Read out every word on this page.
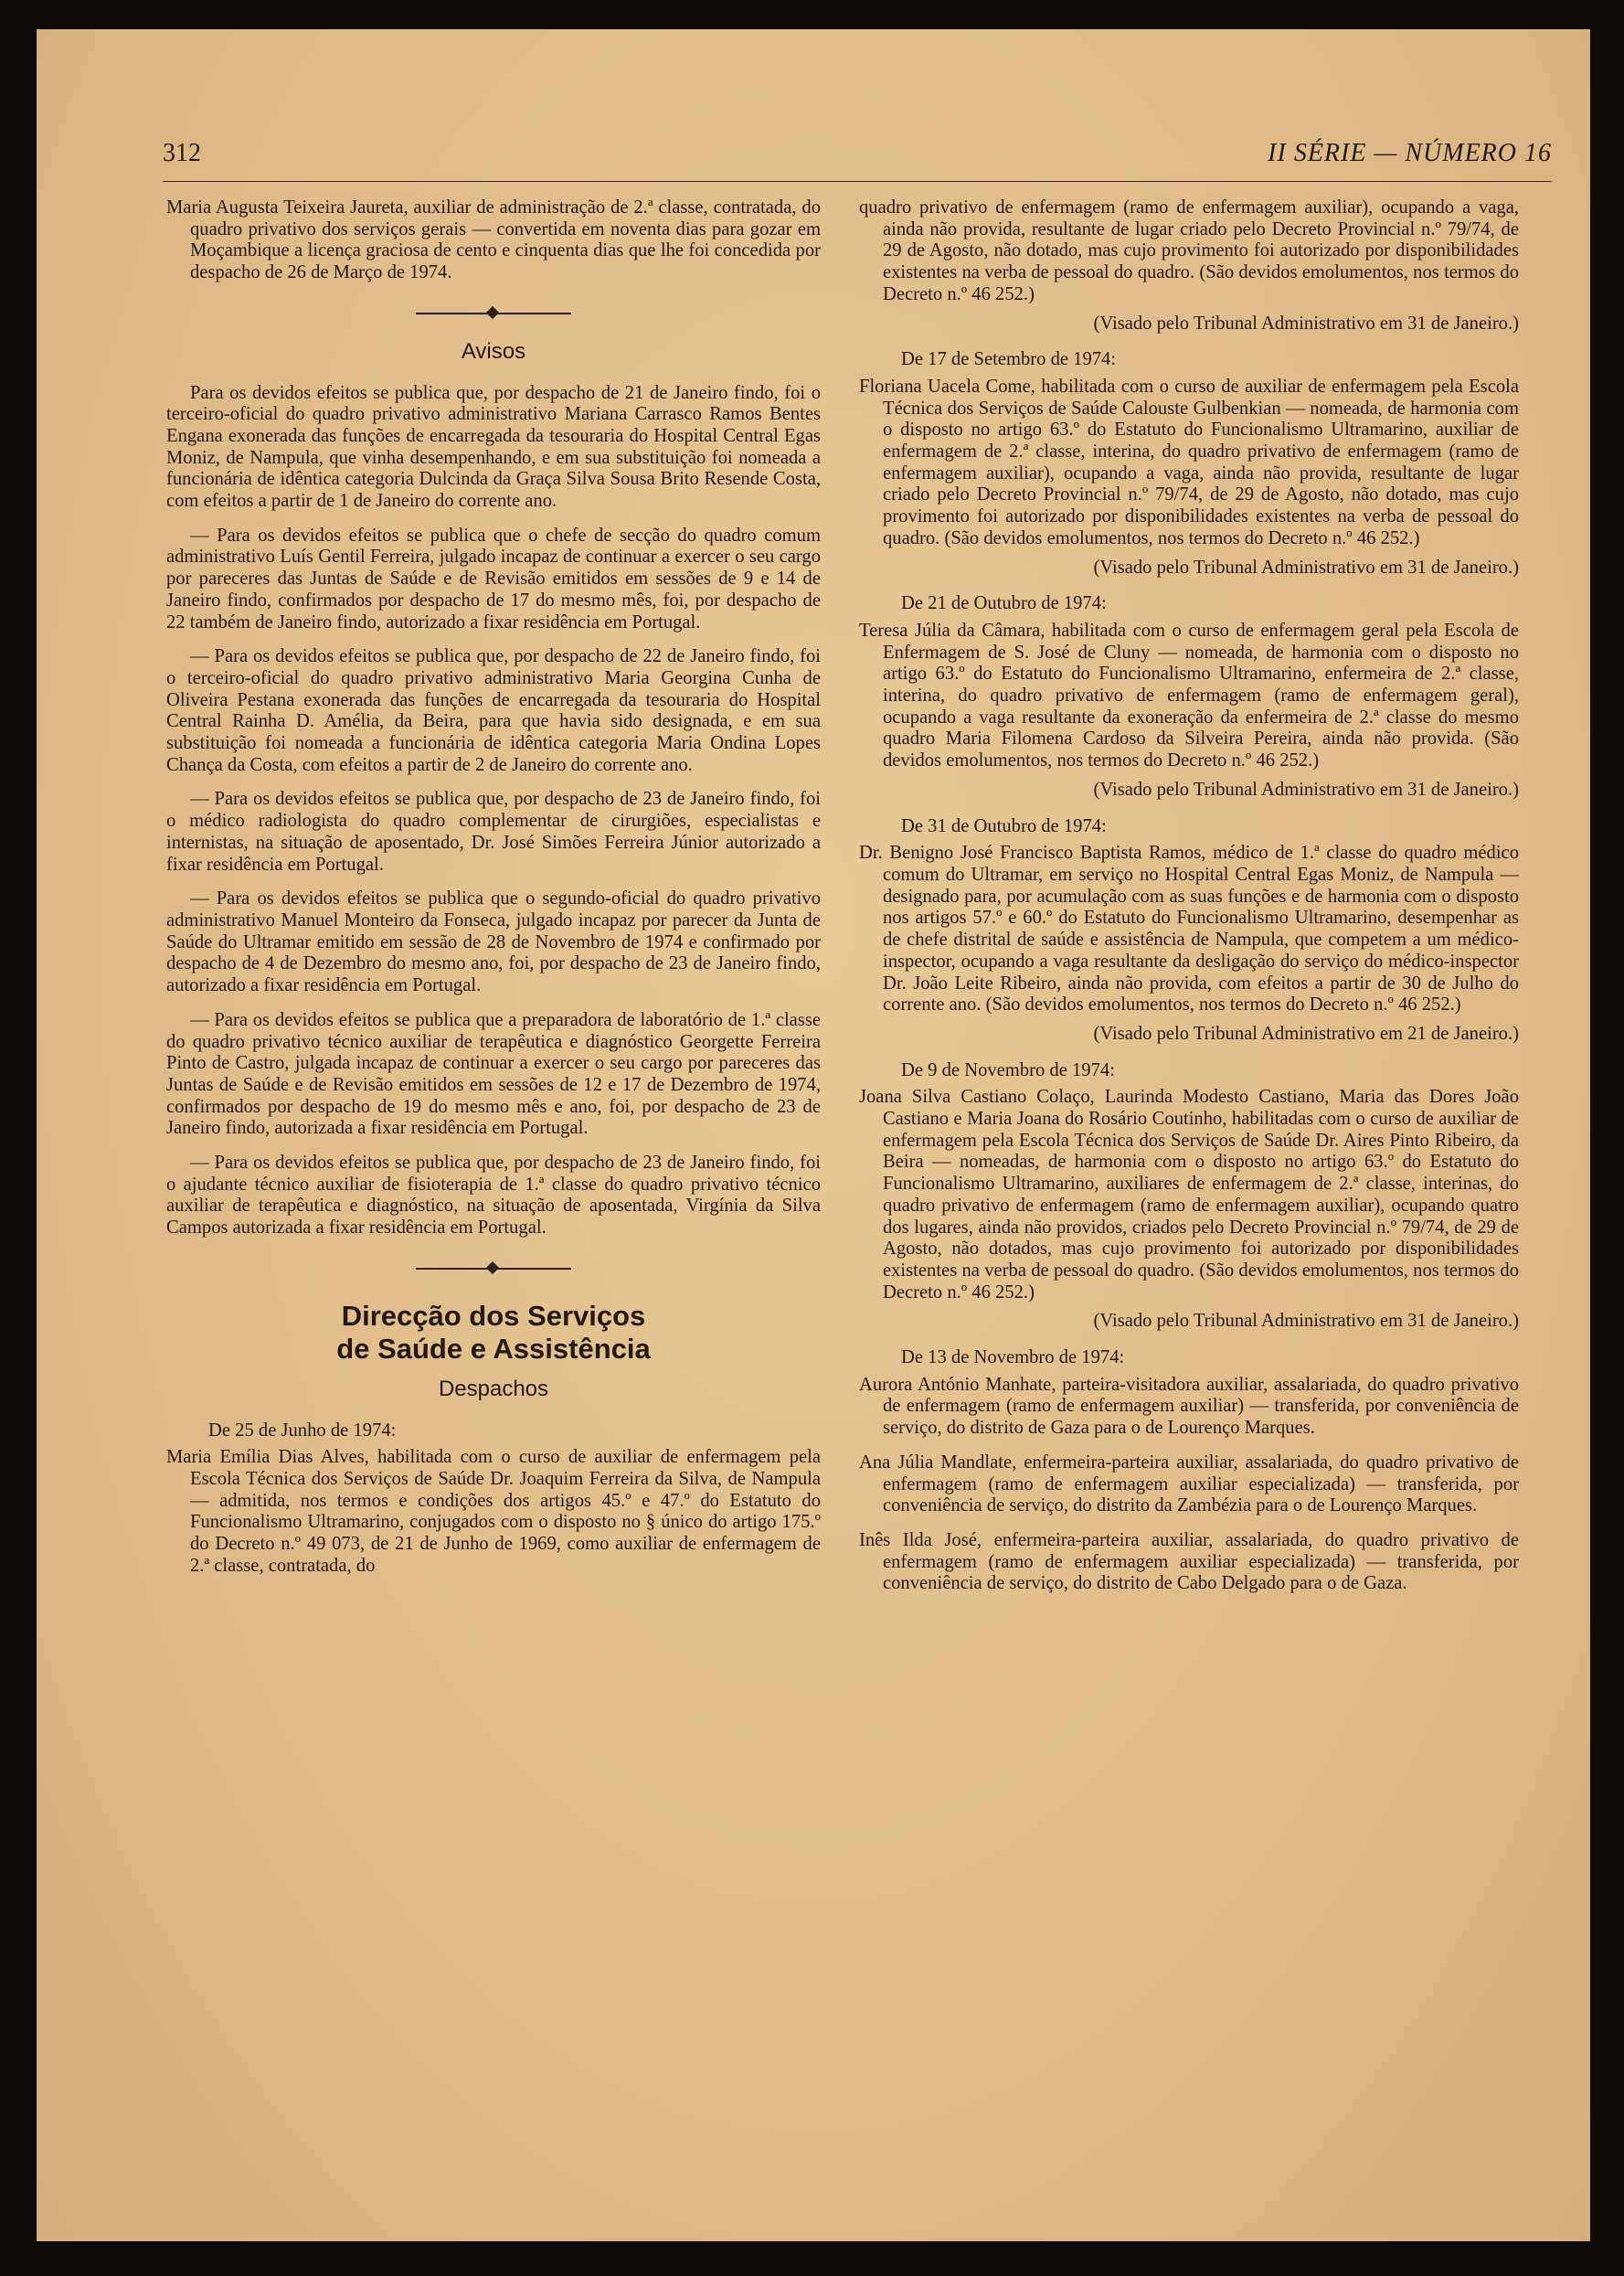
312	II SÉRIE — NÚMERO 16

Maria Augusta Teixeira Jaureta, auxiliar de administração de 2.ª classe, contratada, do quadro privativo dos serviços gerais — convertida em noventa dias para gozar em Moçambique a licença graciosa de cento e cinquenta dias que lhe foi concedida por despacho de 26 de Março de 1974.

Avisos

Para os devidos efeitos se publica que, por despacho de 21 de Janeiro findo, foi o terceiro-oficial do quadro privativo administrativo Mariana Carrasco Ramos Bentes Engana exonerada das funções de encarregada da tesouraria do Hospital Central Egas Moniz, de Nampula, que vinha desempenhando, e em sua substituição foi nomeada a funcionária de idêntica categoria Dulcinda da Graça Silva Sousa Brito Resende Costa, com efeitos a partir de 1 de Janeiro do corrente ano.

— Para os devidos efeitos se publica que o chefe de secção do quadro comum administrativo Luís Gentil Ferreira, julgado incapaz de continuar a exercer o seu cargo por pareceres das Juntas de Saúde e de Revisão emitidos em sessões de 9 e 14 de Janeiro findo, confirmados por despacho de 17 do mesmo mês, foi, por despacho de 22 também de Janeiro findo, autorizado a fixar residência em Portugal.

— Para os devidos efeitos se publica que, por despacho de 22 de Janeiro findo, foi o terceiro-oficial do quadro privativo administrativo Maria Georgina Cunha de Oliveira Pestana exonerada das funções de encarregada da tesouraria do Hospital Central Rainha D. Amélia, da Beira, para que havia sido designada, e em sua substituição foi nomeada a funcionária de idêntica categoria Maria Ondina Lopes Chança da Costa, com efeitos a partir de 2 de Janeiro do corrente ano.

— Para os devidos efeitos se publica que, por despacho de 23 de Janeiro findo, foi o médico radiologista do quadro complementar de cirurgiões, especialistas e internistas, na situação de aposentado, Dr. José Simões Ferreira Júnior autorizado a fixar residência em Portugal.

— Para os devidos efeitos se publica que o segundo-oficial do quadro privativo administrativo Manuel Monteiro da Fonseca, julgado incapaz por parecer da Junta de Saúde do Ultramar emitido em sessão de 28 de Novembro de 1974 e confirmado por despacho de 4 de Dezembro do mesmo ano, foi, por despacho de 23 de Janeiro findo, autorizado a fixar residência em Portugal.

— Para os devidos efeitos se publica que a preparadora de laboratório de 1.ª classe do quadro privativo técnico auxiliar de terapêutica e diagnóstico Georgette Ferreira Pinto de Castro, julgada incapaz de continuar a exercer o seu cargo por pareceres das Juntas de Saúde e de Revisão emitidos em sessões de 12 e 17 de Dezembro de 1974, confirmados por despacho de 19 do mesmo mês e ano, foi, por despacho de 23 de Janeiro findo, autorizada a fixar residência em Portugal.

— Para os devidos efeitos se publica que, por despacho de 23 de Janeiro findo, foi o ajudante técnico auxiliar de fisioterapia de 1.ª classe do quadro privativo técnico auxiliar de terapêutica e diagnóstico, na situação de aposentada, Virgínia da Silva Campos autorizada a fixar residência em Portugal.

Direcção dos Serviços
de Saúde e Assistência
Despachos

De 25 de Junho de 1974:

Maria Emília Dias Alves, habilitada com o curso de auxiliar de enfermagem pela Escola Técnica dos Serviços de Saúde Dr. Joaquim Ferreira da Silva, de Nampula — admitida, nos termos e condições dos artigos 45.º e 47.º do Estatuto do Funcionalismo Ultramarino, conjugados com o disposto no § único do artigo 175.º do Decreto n.º 49 073, de 21 de Junho de 1969, como auxiliar de enfermagem de 2.ª classe, contratada, do

quadro privativo de enfermagem (ramo de enfermagem auxiliar), ocupando a vaga, ainda não provida, resultante de lugar criado pelo Decreto Provincial n.º 79/74, de 29 de Agosto, não dotado, mas cujo provimento foi autorizado por disponibilidades existentes na verba de pessoal do quadro. (São devidos emolumentos, nos termos do Decreto n.º 46 252.)

(Visado pelo Tribunal Administrativo em 31 de Janeiro.)

De 17 de Setembro de 1974:

Floriana Uacela Come, habilitada com o curso de auxiliar de enfermagem pela Escola Técnica dos Serviços de Saúde Calouste Gulbenkian — nomeada, de harmonia com o disposto no artigo 63.º do Estatuto do Funcionalismo Ultramarino, auxiliar de enfermagem de 2.ª classe, interina, do quadro privativo de enfermagem (ramo de enfermagem auxiliar), ocupando a vaga, ainda não provida, resultante de lugar criado pelo Decreto Provincial n.º 79/74, de 29 de Agosto, não dotado, mas cujo provimento foi autorizado por disponibilidades existentes na verba de pessoal do quadro. (São devidos emolumentos, nos termos do Decreto n.º 46 252.)

(Visado pelo Tribunal Administrativo em 31 de Janeiro.)

De 21 de Outubro de 1974:

Teresa Júlia da Câmara, habilitada com o curso de enfermagem geral pela Escola de Enfermagem de S. José de Cluny — nomeada, de harmonia com o disposto no artigo 63.º do Estatuto do Funcionalismo Ultramarino, enfermeira de 2.ª classe, interina, do quadro privativo de enfermagem (ramo de enfermagem geral), ocupando a vaga resultante da exoneração da enfermeira de 2.ª classe do mesmo quadro Maria Filomena Cardoso da Silveira Pereira, ainda não provida. (São devidos emolumentos, nos termos do Decreto n.º 46 252.)

(Visado pelo Tribunal Administrativo em 31 de Janeiro.)

De 31 de Outubro de 1974:

Dr. Benigno José Francisco Baptista Ramos, médico de 1.ª classe do quadro médico comum do Ultramar, em serviço no Hospital Central Egas Moniz, de Nampula — designado para, por acumulação com as suas funções e de harmonia com o disposto nos artigos 57.º e 60.º do Estatuto do Funcionalismo Ultramarino, desempenhar as de chefe distrital de saúde e assistência de Nampula, que competem a um médico-inspector, ocupando a vaga resultante da desligação do serviço do médico-inspector Dr. João Leite Ribeiro, ainda não provida, com efeitos a partir de 30 de Julho do corrente ano. (São devidos emolumentos, nos termos do Decreto n.º 46 252.)

(Visado pelo Tribunal Administrativo em 21 de Janeiro.)

De 9 de Novembro de 1974:

Joana Silva Castiano Colaço, Laurinda Modesto Castiano, Maria das Dores João Castiano e Maria Joana do Rosário Coutinho, habilitadas com o curso de auxiliar de enfermagem pela Escola Técnica dos Serviços de Saúde Dr. Aires Pinto Ribeiro, da Beira — nomeadas, de harmonia com o disposto no artigo 63.º do Estatuto do Funcionalismo Ultramarino, auxiliares de enfermagem de 2.ª classe, interinas, do quadro privativo de enfermagem (ramo de enfermagem auxiliar), ocupando quatro dos lugares, ainda não providos, criados pelo Decreto Provincial n.º 79/74, de 29 de Agosto, não dotados, mas cujo provimento foi autorizado por disponibilidades existentes na verba de pessoal do quadro. (São devidos emolumentos, nos termos do Decreto n.º 46 252.)

(Visado pelo Tribunal Administrativo em 31 de Janeiro.)

De 13 de Novembro de 1974:

Aurora António Manhate, parteira-visitadora auxiliar, assalariada, do quadro privativo de enfermagem (ramo de enfermagem auxiliar) — transferida, por conveniência de serviço, do distrito de Gaza para o de Lourenço Marques.

Ana Júlia Mandlate, enfermeira-parteira auxiliar, assalariada, do quadro privativo de enfermagem (ramo de enfermagem auxiliar especializada) — transferida, por conveniência de serviço, do distrito da Zambézia para o de Lourenço Marques.

Inês Ilda José, enfermeira-parteira auxiliar, assalariada, do quadro privativo de enfermagem (ramo de enfermagem auxiliar especializada) — transferida, por conveniência de serviço, do distrito de Cabo Delgado para o de Gaza.
